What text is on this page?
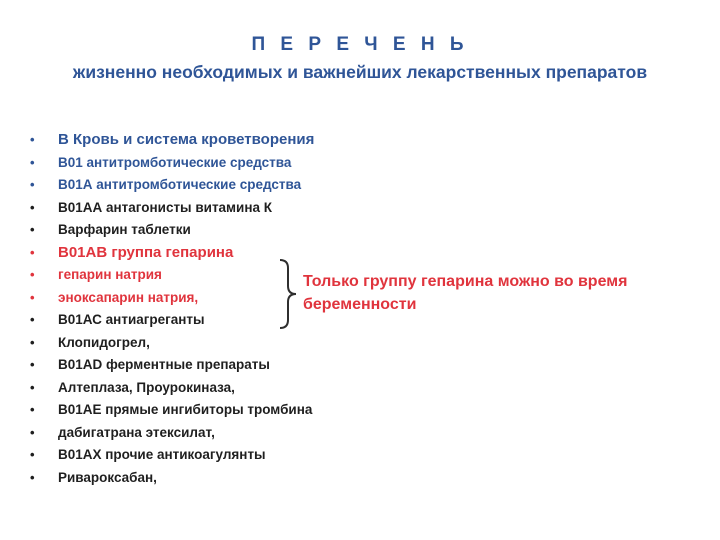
П Е Р Е Ч Е Н Ь
жизненно необходимых и важнейших лекарственных препаратов
• В Кровь и система кроветворения
• В01 антитромботические средства
• В01А антитромботические средства
• В01АА антагонисты витамина К
• Варфарин таблетки
• В01АВ группа гепарина
• гепарин натрия
• эноксапарин натрия,
• В01АС антиагреганты
• Клопидогрел,
• В01AD ферментные препараты
• Алтеплаза, Проурокиназа,
• В01АЕ прямые ингибиторы тромбина
• дабигатрана этексилат,
• В01АХ прочие антикоагулянты
• Ривароксабан,
Только группу гепарина можно во время
беременности
